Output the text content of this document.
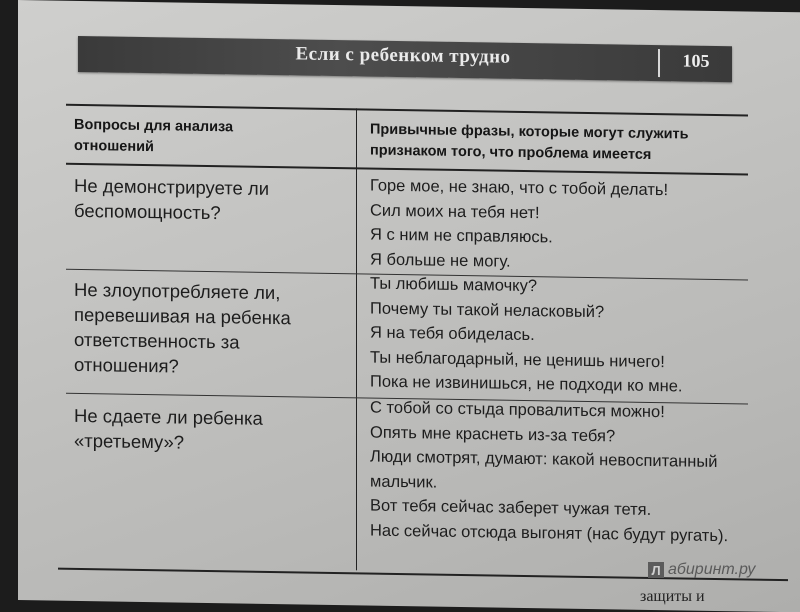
Если с ребенком трудно	105
Вопросы для анализа отношений
Привычные фразы, которые могут служить признаком того, что проблема имеется
Не демонстрируете ли беспомощность?
Горе мое, не знаю, что с тобой делать!
Сил моих на тебя нет!
Я с ним не справляюсь.
Я больше не могу.
Не злоупотребляете ли, перевешивая на ребенка ответственность за отношения?
Ты любишь мамочку?
Почему ты такой неласковый?
Я на тебя обиделась.
Ты неблагодарный, не ценишь ничего!
Пока не извинишься, не подходи ко мне.
Не сдаете ли ребенка «третьему»?
С тобой со стыда провалиться можно!
Опять мне краснеть из-за тебя?
Люди смотрят, думают: какой невоспитанный
мальчик.
Вот тебя сейчас заберет чужая тетя.
Нас сейчас отсюда выгонят (нас будут ругать).
Л абиринт.ру
защиты и
